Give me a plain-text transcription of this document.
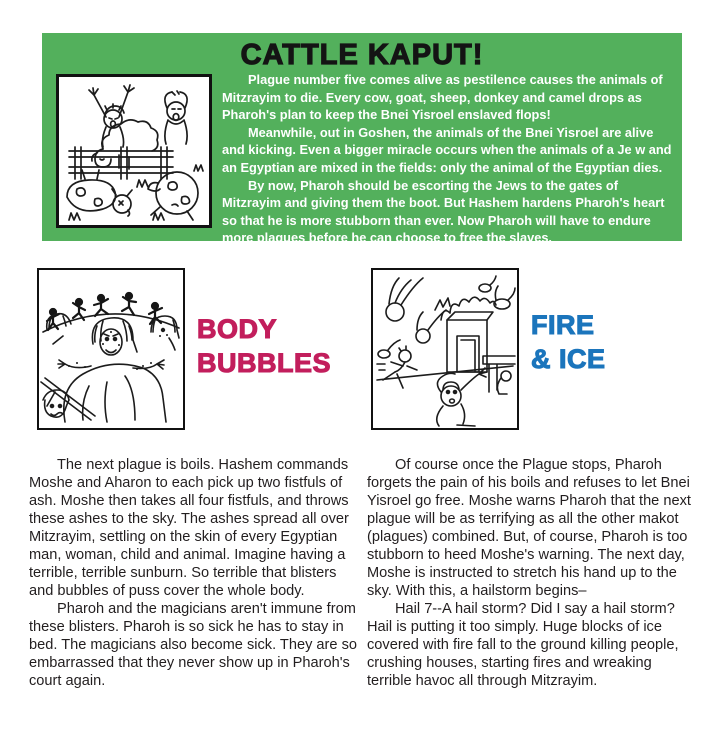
CATTLE KAPUT!

Plague number five comes alive as pestilence causes the animals of Mitzrayim to die. Every cow, goat, sheep, donkey and camel drops as Pharoh's plan to keep the Bnei Yisroel enslaved flops!

Meanwhile, out in Goshen, the animals of the Bnei Yisroel are alive and kicking. Even a bigger miracle occurs when the animals of a Je w and an Egyptian are mixed in the fields: only the animal of the Egyptian dies.

By now, Pharoh should be escorting the Jews to the gates of Mitzrayim and giving them the boot. But Hashem hardens Pharoh's heart so that he is more stubborn than ever. Now Pharoh will have to endure more plagues before he can choose to free the slaves.

BODY
BUBBLES

The next plague is boils. Hashem commands Moshe and Aharon to each pick up two fistfuls of ash. Moshe then takes all four fistfuls, and throws these ashes to the sky. The ashes spread all over Mitzrayim, settling on the skin of every Egyptian man, woman, child and animal. Imagine having a terrible, terrible sunburn. So terrible that blisters and bubbles of puss cover the whole body.

Pharoh and the magicians aren't immune from these blisters. Pharoh is so sick he has to stay in bed. The magicians also become sick. They are so embarrassed that they never show up in Pharoh's court again.

FIRE
& ICE

Of course once the Plague stops, Pharoh forgets the pain of his boils and refuses to let Bnei Yisroel go free. Moshe warns Pharoh that the next plague will be as terrifying as all the other makot (plagues) combined. But, of course, Pharoh is too stubborn to heed Moshe's warning. The next day, Moshe is instructed to stretch his hand up to the sky. With this, a hailstorm begins–

Hail 7--A hail storm? Did I say a hail storm? Hail is putting it too simply. Huge blocks of ice covered with fire fall to the ground killing people, crushing houses, starting fires and wreaking terrible havoc all through Mitzrayim.
